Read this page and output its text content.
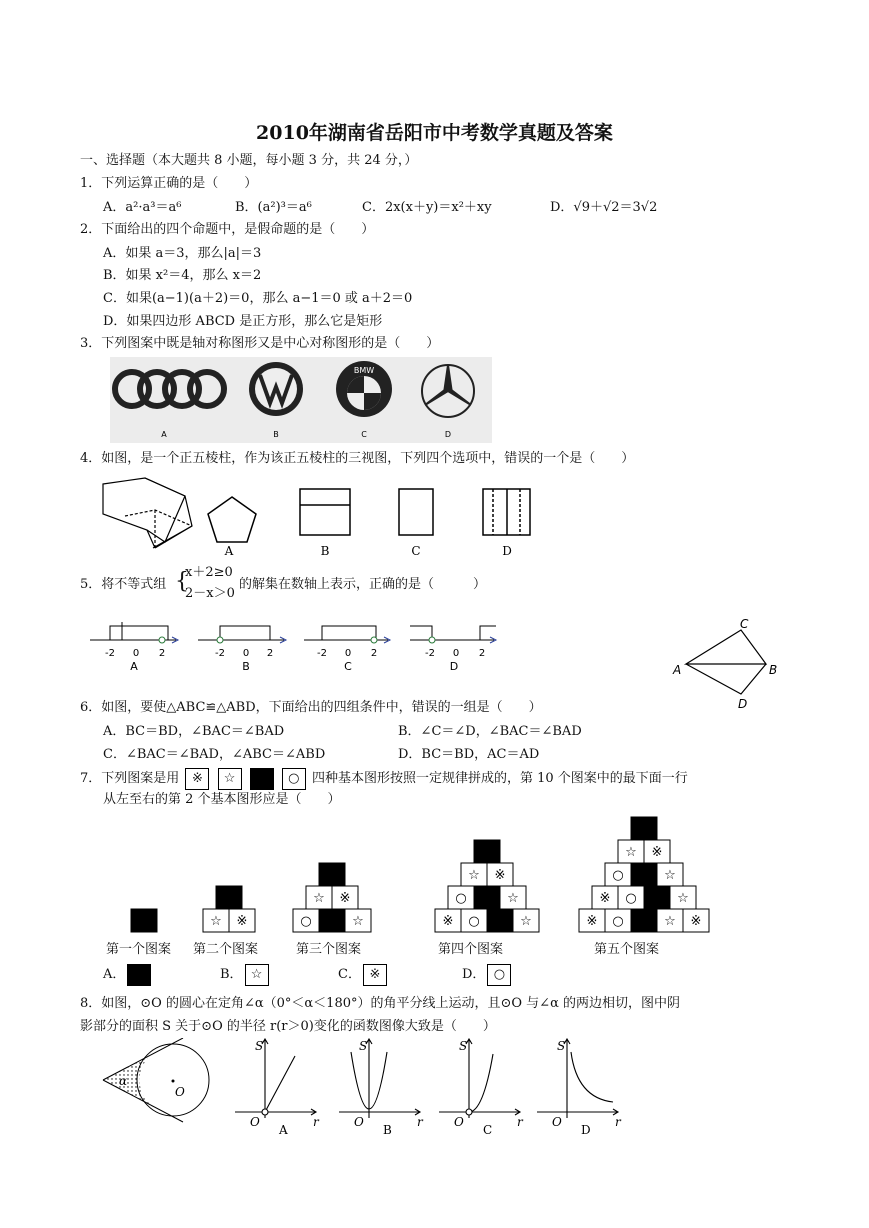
2010年湖南省岳阳市中考数学真题及答案
一、选择题（本大题共 8 小题，每小题 3 分，共 24 分，）
1．下列运算正确的是（　　）
A．a²·a³＝a⁶	B．(a²)³＝a⁶	C．2x(x＋y)＝x²＋xy	D．√9＋√2＝3√2
2．下面给出的四个命题中，是假命题的是（　　）
A．如果 a＝3，那么|a|＝3
B．如果 x²＝4，那么 x＝2
C．如果(a−1)(a＋2)＝0，那么 a−1＝0 或 a＋2＝0
D．如果四边形 ABCD 是正方形，那么它是矩形
3．下列图案中既是轴对称图形又是中心对称图形的是（　　）
BMW
A	B	C	D
4．如图，是一个正五棱柱，作为该正五棱柱的三视图，下列四个选项中，错误的一个是（　　）
A	B	C	D
5．将不等式组 {
x＋2≥0
2－x＞0
的解集在数轴上表示，正确的是（　　　）
-2 0 2	-2 0 2	-2 0 2	-2 0 2
A	B	C	D	A	B
C
D
6．如图，要使△ABC≌△ABD，下面给出的四组条件中，错误的一组是（　　）
A．BC＝BD，∠BAC＝∠BAD	B．∠C＝∠D，∠BAC＝∠BAD
C．∠BAC＝∠BAD，∠ABC＝∠ABD	D．BC＝BD，AC＝AD
7．下列图案是用 ※ ☆	○ 四种基本图形按照一定规律拼成的，第 10 个图案中的最下面一行
从左至右的第 2 个基本图形应是（　　）
☆ ※
☆ ※
○	☆
☆ ※
○	☆
※ ○	☆
☆ ※
○	☆
※ ○	☆
※ ○	☆ ※
第一个图案 第二个图案	第三个图案	第四个图案	第五个图案
A．	B． ☆	C． ※	D． ○
8．如图，⊙O 的圆心在定角∠α（0°＜α＜180°）的角平分线上运动，且⊙O 与∠α 的两边相切，图中阴
影部分的面积 S 关于⊙O 的半径 r(r＞0)变化的函数图像大致是（　　）
α
O
S
r
O
A
S
r
O
B
S
r
O
C
S
r
O
D
